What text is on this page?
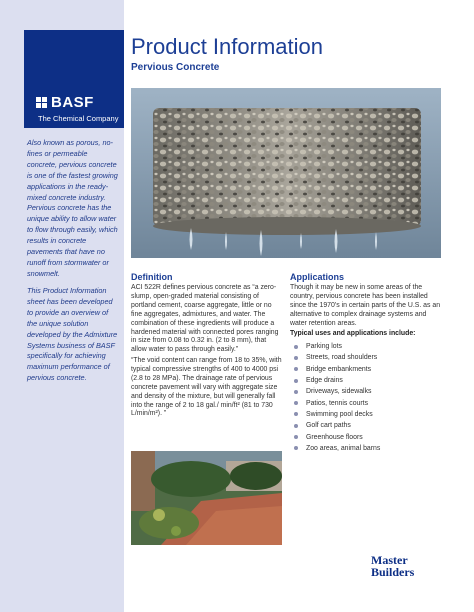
BASF
The Chemical Company

Also known as porous, no-fines or permeable concrete, pervious concrete is one of the fastest growing applications in the ready-mixed concrete industry. Pervious concrete has the unique ability to allow water to flow through easily, which results in concrete pavements that have no runoff from stormwater or snowmelt.

This Product Information sheet has been developed to provide an overview of the unique solution developed by the Admixture Systems business of BASF specifically for achieving maximum performance of pervious concrete.

Product Information
Pervious Concrete
Definition

ACI 522R defines pervious concrete as “a zero-slump, open-graded material consisting of portland cement, coarse aggregate, little or no fine aggregates, admixtures, and water. The combination of these ingredients will produce a hardened material with connected pores ranging in size from 0.08 to 0.32 in. (2 to 8 mm), that allow water to pass through easily.”

“The void content can range from 18 to 35%, with typical compressive strengths of 400 to 4000 psi (2.8 to 28 MPa). The drainage rate of pervious concrete pavement will vary with aggregate size and density of the mixture, but will generally fall into the range of 2 to 18 gal./ min/ft² (81 to 730 L/min/m²). ”

Applications

Though it may be new in some areas of the country, pervious concrete has been installed since the 1970’s in certain parts of the U.S. as an alternative to complex drainage systems and water retention areas.

Typical uses and applications include:

Parking lots
Streets, road shoulders
Bridge embankments
Edge drains
Driveways, sidewalks
Patios, tennis courts
Swimming pool decks
Golf cart paths
Greenhouse floors
Zoo areas, animal barns
Master
Builders
